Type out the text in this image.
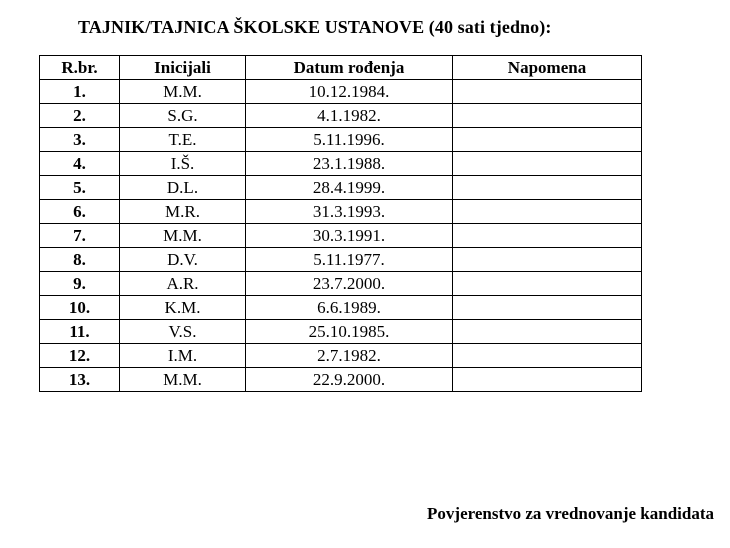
TAJNIK/TAJNICA ŠKOLSKE USTANOVE (40 sati tjedno):
R.br.	Inicijali	Datum rođenja	Napomena
1.	M.M.	10.12.1984.	
2.	S.G.	4.1.1982.	
3.	T.E.	5.11.1996.	
4.	I.Š.	23.1.1988.	
5.	D.L.	28.4.1999.	
6.	M.R.	31.3.1993.	
7.	M.M.	30.3.1991.	
8.	D.V.	5.11.1977.	
9.	A.R.	23.7.2000.	
10.	K.M.	6.6.1989.	
11.	V.S.	25.10.1985.	
12.	I.M.	2.7.1982.	
13.	M.M.	22.9.2000.	
Povjerenstvo za vrednovanje kandidata
